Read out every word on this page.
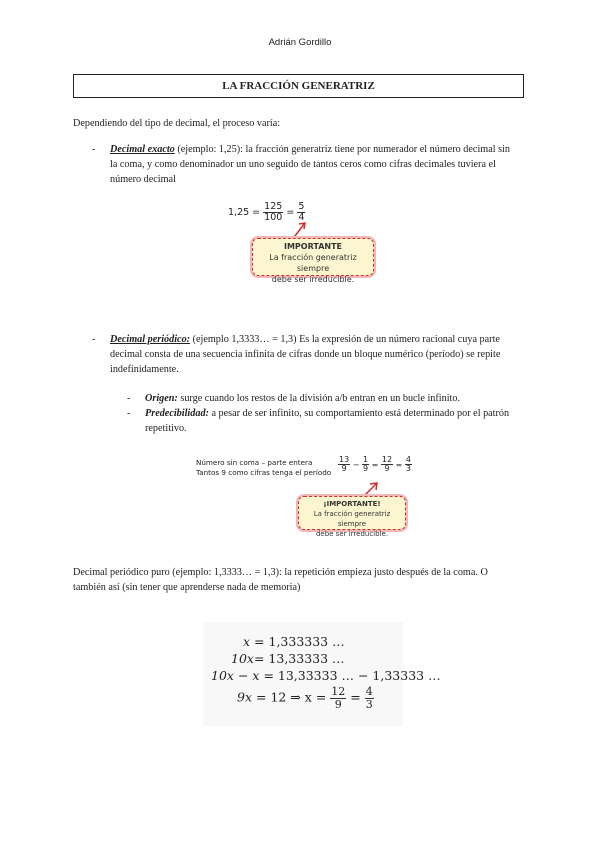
Adrián Gordillo
LA FRACCIÓN GENERATRIZ
Dependiendo del tipo de decimal, el proceso varía:
- Decimal exacto (ejemplo: 1,25): la fracción generatriz tiene por numerador el número decimal sin
la coma, y como denominador un uno seguido de tantos ceros como cifras decimales tuviera el
número decimal
$1,25 = \frac{125}{100} = \frac{5}{4}$
IMPORTANTE
La fracción generatriz siempre
debe ser irreducible.
- Decimal periódico: (ejemplo 1,3333… = 1,3) Es la expresión de un número racional cuya parte
decimal consta de una secuencia infinita de cifras donde un bloque numérico (período) se repite
indefinidamente.
- Origen: surge cuando los restos de la división a/b entran en un bucle infinito.
- Predecibilidad: a pesar de ser infinito, su comportamiento está determinado por el patrón
repetitivo.
Número sin coma – parte entera
Tantos 9 como cifras tenga el período $\frac{13}{9} - \frac{1}{9} = \frac{12}{9} = \frac{4}{3}$
¡IMPORTANTE!
La fracción generatriz siempre
debe ser irreducible.
Decimal periódico puro (ejemplo: 1,3333… = 1,3): la repetición empieza justo después de la coma. O
también así (sin tener que aprenderse nada de memoria)
x = 1,333333 …
10x= 13,33333 …
10x − x = 13,33333 … − 1,33333 …
9x = 12 ⇒ $x = \frac{12}{9} = \frac{4}{3}$
